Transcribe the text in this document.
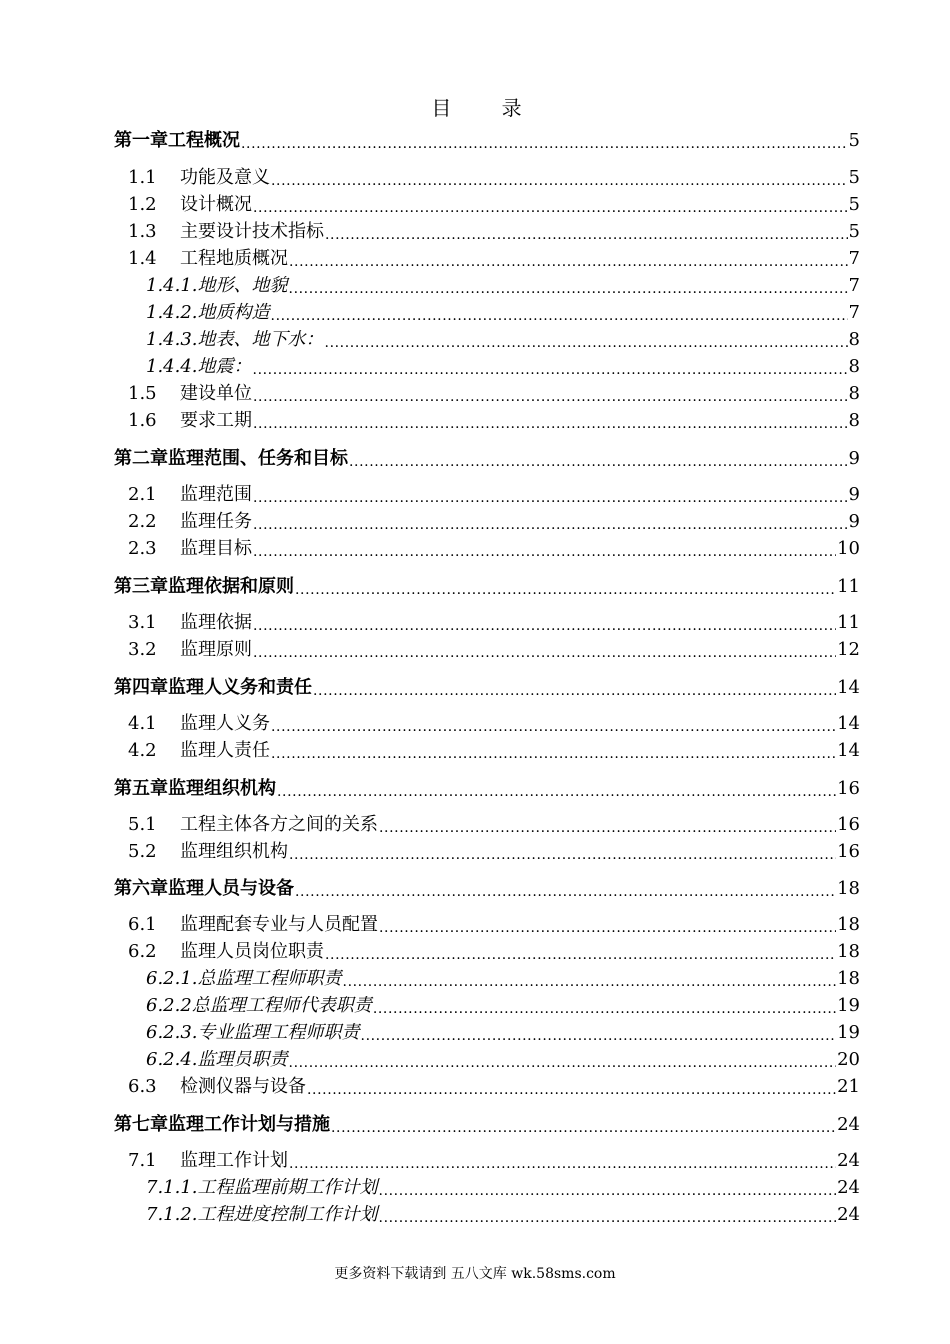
目 录
第一章工程概况 .....	5
1.1	功能及意义 .....	5
1.2	设计概况 .....	5
1.3	主要设计技术指标 .....	5
1.4	工程地质概况 .....	7
1.4.1.地形、地貌 .....	7
1.4.2.地质构造 .....	7
1.4.3.地表、地下水： .....	8
1.4.4.地震： .....	8
1.5	建设单位 .....	8
1.6	要求工期 .....	8
第二章监理范围、任务和目标 .....	9
2.1	监理范围 .....	9
2.2	监理任务 .....	9
2.3	监理目标 .....	10
第三章监理依据和原则 .....	11
3.1	监理依据 .....	11
3.2	监理原则 .....	12
第四章监理人义务和责任 .....	14
4.1	监理人义务 .....	14
4.2	监理人责任 .....	14
第五章监理组织机构 .....	16
5.1	工程主体各方之间的关系 .....	16
5.2	监理组织机构 .....	16
第六章监理人员与设备 .....	18
6.1	监理配套专业与人员配置 .....	18
6.2	监理人员岗位职责 .....	18
6.2.1.总监理工程师职责 .....	18
6.2.2总监理工程师代表职责 .....	19
6.2.3.专业监理工程师职责 .....	19
6.2.4.监理员职责 .....	20
6.3	检测仪器与设备 .....	21
第七章监理工作计划与措施 .....	24
7.1	监理工作计划 .....	24
7.1.1.工程监理前期工作计划 .....	24
7.1.2.工程进度控制工作计划 .....	24
更多资料下载请到 五八文库 wk.58sms.com
